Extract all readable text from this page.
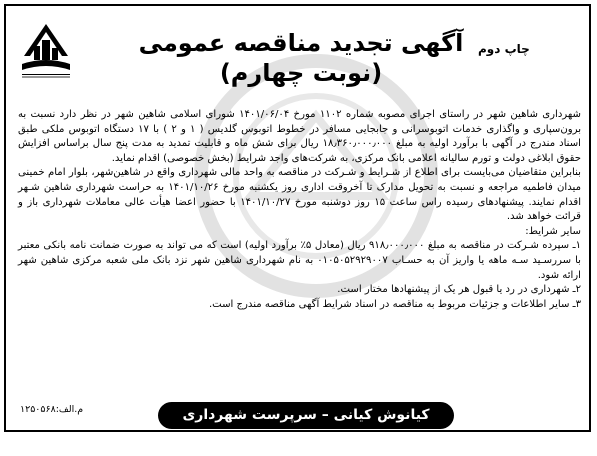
چاپ دوم
آگهی تجدید مناقصه عمومی
(نوبت چهارم)

شهرداری شاهین شهر در راستای اجرای مصوبه شماره ۱۱۰۲ مورخ ۱۴۰۱/۰۶/۰۴ شورای اسلامی شاهین شهر در نظر دارد نسبت به برون‌سپاری و واگذاری خدمات اتوبوسرانی و جابجایی مسافر در خطوط اتوبوس گلدیس ( ۱ و ۲ ) با ۱۷ دستگاه اتوبوس ملکی طبق اسناد مندرج در آگهی با برآورد اولیه به مبلغ ۱۸٫۳۶۰٫۰۰۰٫۰۰۰ ریال برای شش ماه و قابلیت تمدید به مدت پنج سال براساس افزایش حقوق ابلاغی دولت و تورم سالیانه اعلامی بانک مرکزی، به شرکت‌های واجد شرایط (بخش خصوصی) اقدام نماید.

بنابراین متقاضیان می‌بایست برای اطلاع از شـرایط و شـرکت در مناقصه به واحد مالی شهرداری واقع در شاهین‌شهر، بلوار امام خمینی میدان فاطمیه مراجعه و نسبت به تحویل مدارک تا آخروقت اداری روز یکشنبه مورخ ۱۴۰۱/۱۰/۲۶ به حراست شهرداری شاهین شـهر اقدام نمایند. پیشنهادهای رسیده راس ساعت ۱۵ روز دوشنبه مورخ ۱۴۰۱/۱۰/۲۷ با حضور اعضا هیأت عالی معاملات شهرداری باز و قرائت خواهد شد.

سایر شرایط:

۱ـ سپرده شـرکت در مناقصه به مبلغ ۹۱۸٫۰۰۰٫۰۰۰ ریال (معادل ۵٪ برآورد اولیه) است که می تواند به صورت ضمانت نامه بانکی معتبر با سررسـید سـه ماهه یا واریز آن به حسـاب ۰۱۰۵۰۵۲۹۲۹۰۰۷ به نام شهرداری شاهین شهر نزد بانک ملی شعبه مرکزی شاهین شهر ارائه شود.

۲ـ شهرداری در رد یا قبول هر یک از پیشنهادها مختار است.

۳ـ سایر اطلاعات و جزئیات مربوط به مناقصه در اسناد شرایط آگهی مناقصه مندرج است.

م.الف:۱۲۵۰۵۶۸	کیانوش کیانی – سرپرست شهرداری شاهین شهر
